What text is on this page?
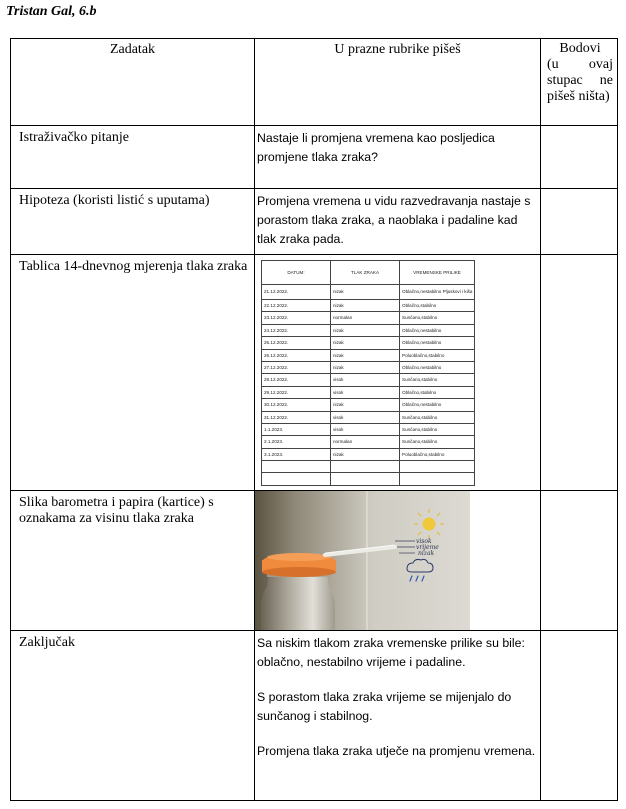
Tristan Gal, 6.b
Zadatak	U prazne rubrike pišeš	Bodovi
(u ovaj stupac ne pišeš ništa)

Istraživačko pitanje	Nastaje li promjena vremena kao posljedica promjene tlaka zraka?	
Hipoteza (koristi listić s uputama)	Promjena vremena u vidu razvedravanja nastaje s porastom tlaka zraka, a naoblaka i padaline kad tlak zraka pada.	
Tablica 14-dnevnog mjerenja tlaka zraka		DATUM:	TLAK ZRAKA	VREMENSKE PRILIKE
21.12.2022.	nizak	Oblačno,nestabilno Pljuskovi i kiša
22.12.2022.	nizak	Oblačno,stabilno
23.12.2022.	normalan	Sunčano,stabilno
24.12.2022.	nizak	Oblačno,nestabilno
25.12.2022.	nizak	Oblačno,nestabilno
26.12.2022.	nizak	Poluoblačno,stabilno
27.12.2022.	nizak	Oblačno,nestabilno
28.12.2022.	visok	Sunčano,stabilno
29.12.2022.	visok	Oblačno,stabilno
30.12.2022.	nizak	Oblačno,nestabilno
31.12.2022.	visok	Sunčano,stabilno
1.1.2023.	visok	Sunčano,stabilno
2.1.2023.	normalan	Sunčano,stabilno
3.1.2023.	nizak	Poluoblačno,stabilno

Slika barometra i papira (kartice) s oznakama za visinu tlaka zraka	
visok
vrijeme
nizak

Zaključak	Sa niskim tlakom zraka vremenske prilike su bile: oblačno, nestabilno vrijeme i padaline.

S porastom tlaka zraka vrijeme se mijenjalo do sunčanog i stabilnog.

Promjena tlaka zraka utječe na promjenu vremena.
